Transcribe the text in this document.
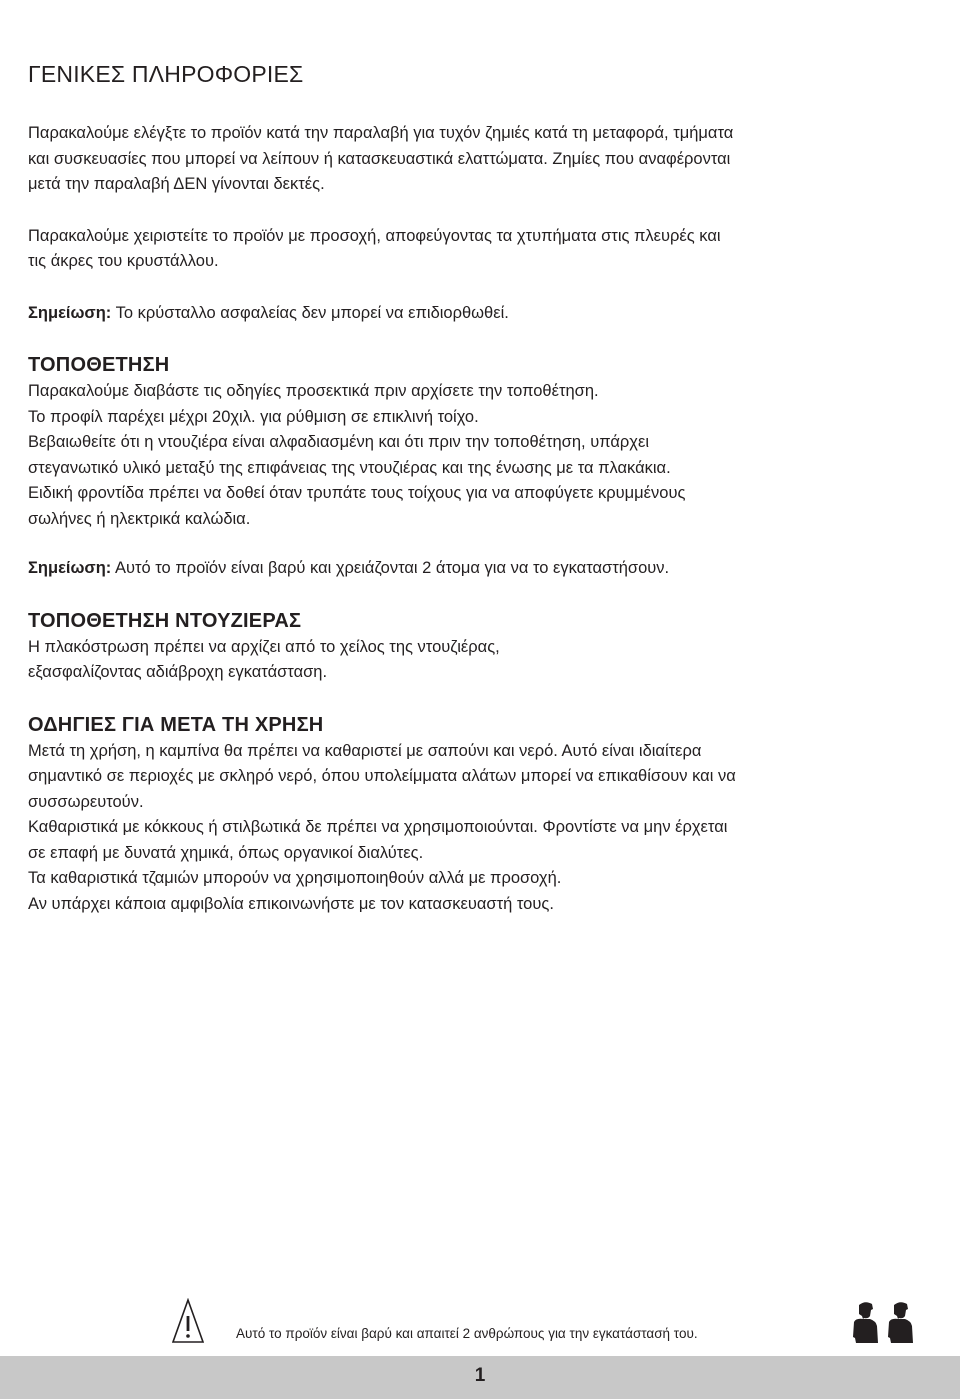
ΓΕΝΙΚΕΣ ΠΛΗΡΟΦΟΡΙΕΣ

Παρακαλούμε ελέγξτε το προϊόν κατά την παραλαβή για τυχόν ζημιές κατά τη μεταφορά, τμήματα

και συσκευασίες που μπορεί να λείπουν ή κατασκευαστικά ελαττώματα. Ζημίες που αναφέρονται

μετά την παραλαβή ΔΕΝ γίνονται δεκτές.

Παρακαλούμε χειριστείτε το προϊόν με προσοχή, αποφεύγοντας τα χτυπήματα στις πλευρές και

τις άκρες του κρυστάλλου.

Σημείωση: Το κρύσταλλο ασφαλείας δεν μπορεί να επιδιορθωθεί.

ΤΟΠΟΘΕΤΗΣΗ

Παρακαλούμε διαβάστε τις οδηγίες προσεκτικά πριν αρχίσετε την τοποθέτηση.

Το προφίλ παρέχει μέχρι 20χιλ. για ρύθμιση σε επικλινή τοίχο.

Βεβαιωθείτε ότι η ντουζιέρα είναι αλφαδιασμένη και ότι πριν την τοποθέτηση, υπάρχει

στεγανωτικό υλικό μεταξύ της επιφάνειας της ντουζιέρας και της ένωσης με τα πλακάκια.

Ειδική φροντίδα πρέπει να δοθεί όταν τρυπάτε τους τοίχους για να αποφύγετε κρυμμένους

σωλήνες ή ηλεκτρικά καλώδια.

Σημείωση: Αυτό το προϊόν είναι βαρύ και χρειάζονται 2 άτομα για να το εγκαταστήσουν.

ΤΟΠΟΘΕΤΗΣΗ ΝΤΟΥΖΙΕΡΑΣ

Η πλακόστρωση πρέπει να αρχίζει από το χείλος της ντουζιέρας,

εξασφαλίζοντας αδιάβροχη εγκατάσταση.

ΟΔΗΓΙΕΣ ΓΙΑ ΜΕΤΑ ΤΗ ΧΡΗΣΗ

Μετά τη χρήση, η καμπίνα θα πρέπει να καθαριστεί με σαπούνι και νερό. Αυτό είναι ιδιαίτερα

σημαντικό σε περιοχές με σκληρό νερό, όπου υπολείμματα αλάτων μπορεί να επικαθίσουν και να

συσσωρευτούν.

Καθαριστικά με κόκκους ή στιλβωτικά δε πρέπει να χρησιμοποιούνται. Φροντίστε να μην έρχεται

σε επαφή με δυνατά χημικά, όπως οργανικοί διαλύτες.

Τα καθαριστικά τζαμιών μπορούν να χρησιμοποιηθούν αλλά με προσοχή.

Αν υπάρχει κάποια αμφιβολία επικοινωνήστε με τον κατασκευαστή τους.

Αυτό το προϊόν είναι βαρύ και απαιτεί 2 ανθρώπους για την εγκατάστασή του.
1
